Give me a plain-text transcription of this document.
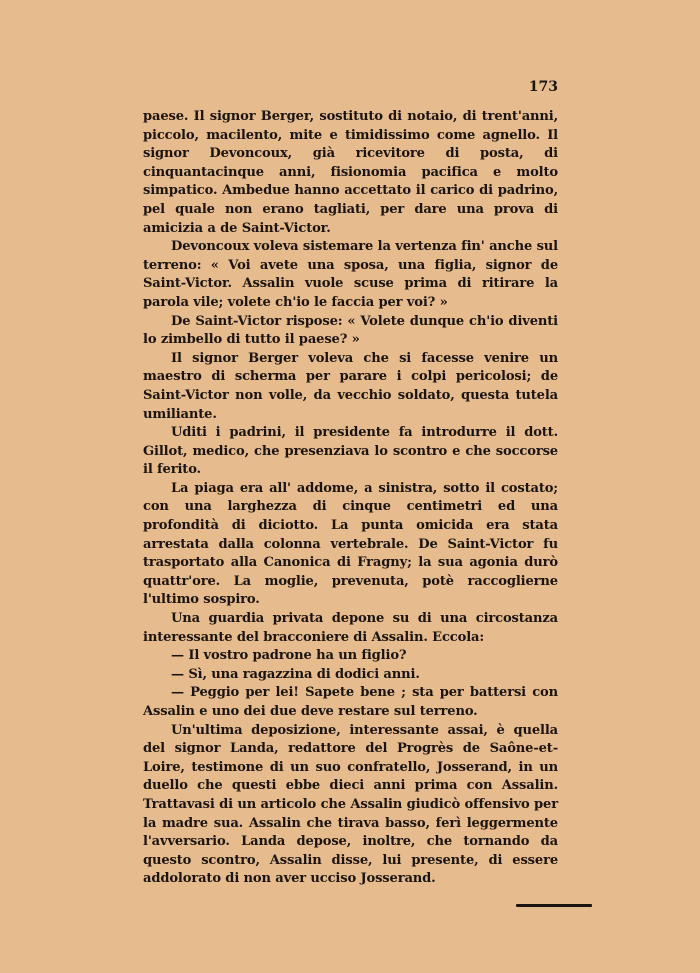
173

paese. Il signor Berger, sostituto di notaio, di trent'anni, piccolo, macilento, mite e timidissimo come agnello. Il signor Devoncoux, già ricevitore di posta, di cinquantacinque anni, fisionomia pacifica e molto simpatico. Ambedue hanno accettato il carico di padrino, pel quale non erano tagliati, per dare una prova di amicizia a de Saint-Victor.

Devoncoux voleva sistemare la vertenza fin' anche sul terreno: « Voi avete una sposa, una figlia, signor de Saint-Victor. Assalin vuole scuse prima di ritirare la parola vile; volete ch'io le faccia per voi? »

De Saint-Victor rispose: « Volete dunque ch'io diventi lo zimbello di tutto il paese? »

Il signor Berger voleva che si facesse venire un maestro di scherma per parare i colpi pericolosi; de Saint-Victor non volle, da vecchio soldato, questa tutela umiliante.

Uditi i padrini, il presidente fa introdurre il dott. Gillot, medico, che presenziava lo scontro e che soccorse il ferito.

La piaga era all' addome, a sinistra, sotto il costato; con una larghezza di cinque centimetri ed una profondità di diciotto. La punta omicida era stata arrestata dalla colonna vertebrale. De Saint-Victor fu trasportato alla Canonica di Fragny; la sua agonia durò quattr'ore. La moglie, prevenuta, potè raccoglierne l'ultimo sospiro.

Una guardia privata depone su di una circostanza interessante del bracconiere di Assalin. Eccola:

— Il vostro padrone ha un figlio?

— Sì, una ragazzina di dodici anni.

— Peggio per lei! Sapete bene ; sta per battersi con Assalin e uno dei due deve restare sul terreno.

Un'ultima deposizione, interessante assai, è quella del signor Landa, redattore del Progrès de Saône-et-Loire, testimone di un suo confratello, Josserand, in un duello che questi ebbe dieci anni prima con Assalin. Trattavasi di un articolo che Assalin giudicò offensivo per la madre sua. Assalin che tirava basso, ferì leggermente l'avversario. Landa depose, inoltre, che tornando da questo scontro, Assalin disse, lui presente, di essere addolorato di non aver ucciso Josserand.
